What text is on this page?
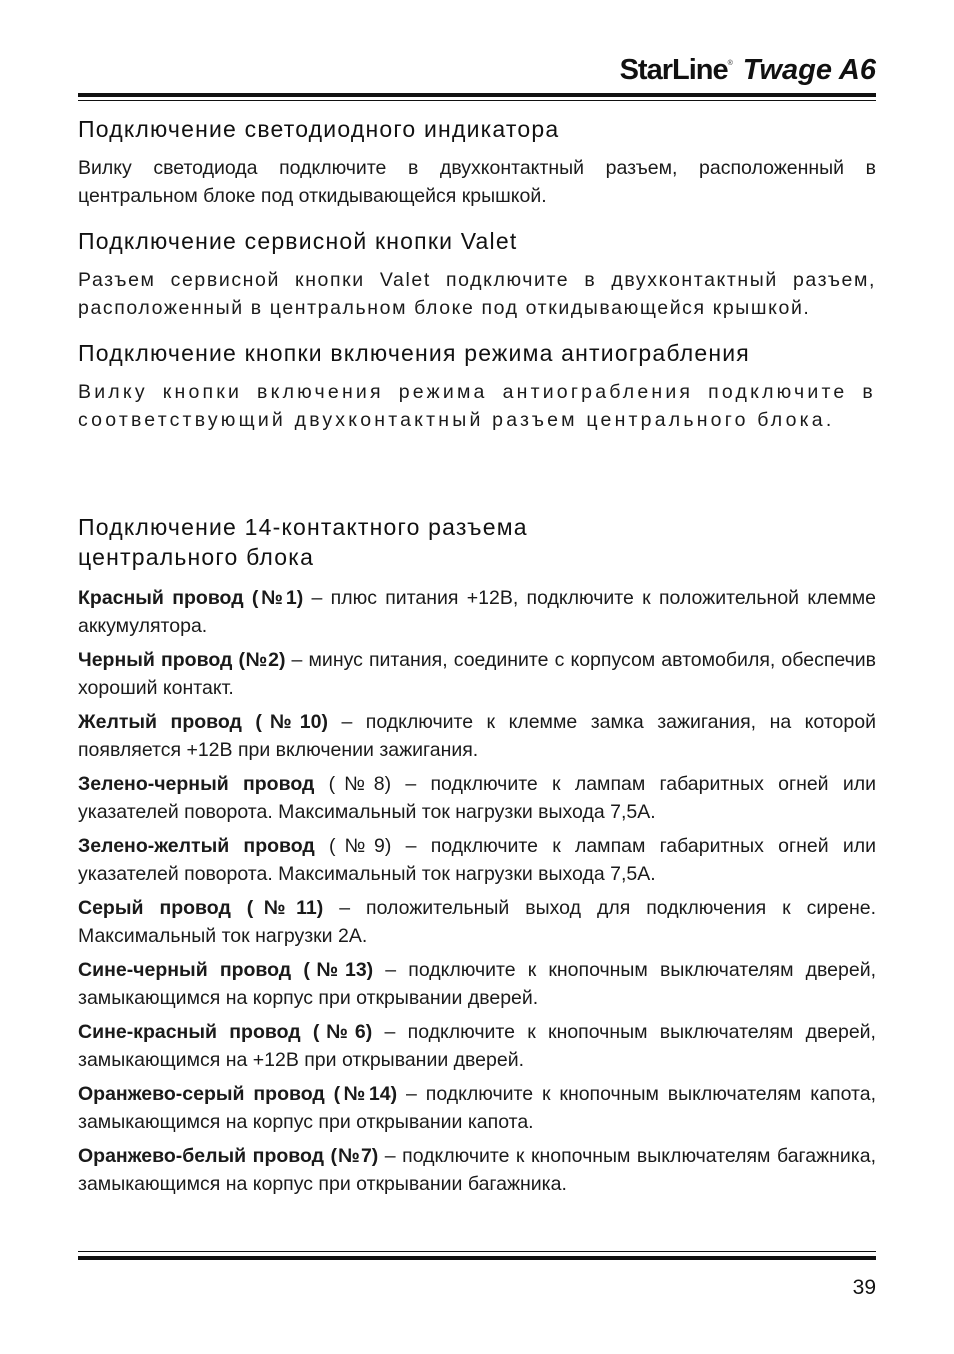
StarLine® Twage A6
Подключение светодиодного индикатора

Вилку светодиода подключите в двухконтактный разъем, расположенный в центральном блоке под откидывающейся крышкой.

Подключение сервисной кнопки Valet

Разъем сервисной кнопки Valet подключите в двухконтактный разъем, расположенный в центральном блоке под откидывающейся крышкой.

Подключение кнопки включения режима антиограбления

Вилку кнопки включения режима антиограбления подключите в соответствующий двухконтактный разъем центрального блока.

Подключение 14-контактного разъема
центрального блока

Красный провод (№1) – плюс питания +12В, подключите к положительной клемме аккумулятора.

Черный провод (№2) – минус питания, соедините с корпусом автомобиля, обеспечив хороший контакт.

Желтый провод (№10) – подключите к клемме замка зажигания, на которой появляется +12В при включении зажигания.

Зелено-черный провод (№8) – подключите к лампам габаритных огней или указателей поворота. Максимальный ток нагрузки выхода 7,5А.

Зелено-желтый провод (№9) – подключите к лампам габаритных огней или указателей поворота. Максимальный ток нагрузки выхода 7,5А.

Серый провод (№11) – положительный выход для подключения к сирене. Максимальный ток нагрузки 2А.

Сине-черный провод (№13) – подключите к кнопочным выключателям дверей, замыкающимся на корпус при открывании дверей.

Сине-красный провод (№6) – подключите к кнопочным выключателям дверей, замыкающимся на +12В при открывании дверей.

Оранжево-серый провод (№14) – подключите к кнопочным выключателям капота, замыкающимся на корпус при открывании капота.

Оранжево-белый провод (№7) – подключите к кнопочным выключателям багажника, замыкающимся на корпус при открывании багажника.

39
